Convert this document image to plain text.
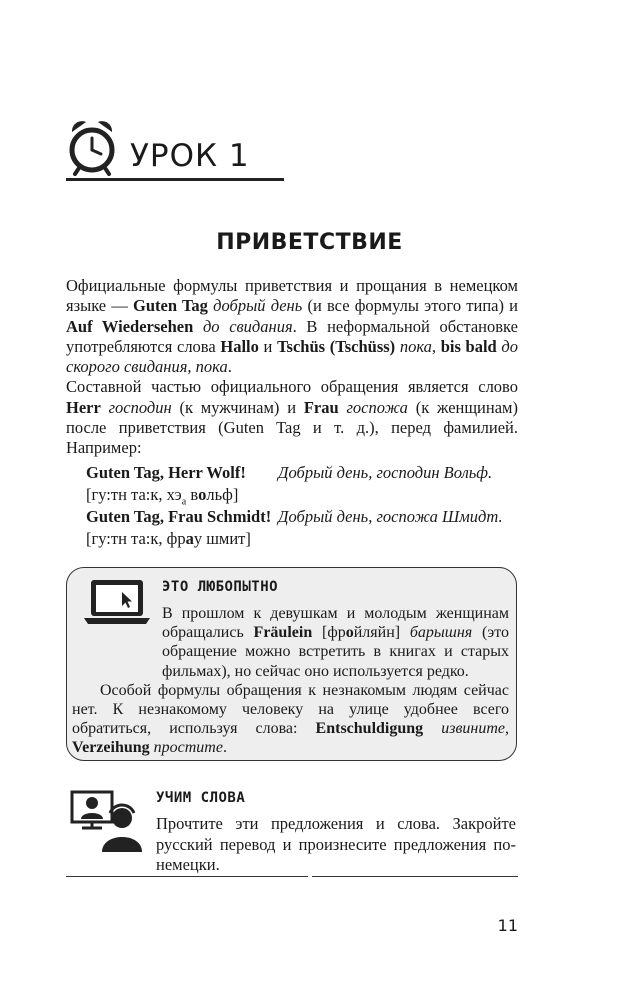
УРОК 1
ПРИВЕТСТВИЕ

Официальные формулы приветствия и прощания в немецком языке — Guten Tag добрый день (и все формулы этого типа) и Auf Wiedersehen до свидания. В неформальной обстановке употребляются слова Hallo и Tschüs (Tschüss) пока, bis bald до скорого свидания, пока.

Составной частью официального обращения является слово Herr господин (к мужчинам) и Frau госпожа (к женщинам) после приветствия (Guten Tag и т. д.), перед фамилией. Например:

Guten Tag, Herr Wolf! Добрый день, господин Вольф.
[гу:тн та:к, $хэ_а$ вольф]
Guten Tag, Frau Schmidt! Добрый день, госпожа Шмидт.
[гу:тн та:к, фрау шмит]
ЭТО ЛЮБОПЫТНО

В прошлом к девушкам и молодым женщинам обращались Fräulein [фройляйн] барышня (это обращение можно встретить в книгах и старых фильмах), но сейчас оно используется редко.

Особой формулы обращения к незнакомым людям сейчас нет. К незнакомому человеку на улице удобнее всего обратиться, используя слова: Entschuldigung извините, Verzeihung простите.

УЧИМ СЛОВА
Прочтите эти предложения и слова. Закройте русский перевод и произнесите предложения по-немецки.
11
